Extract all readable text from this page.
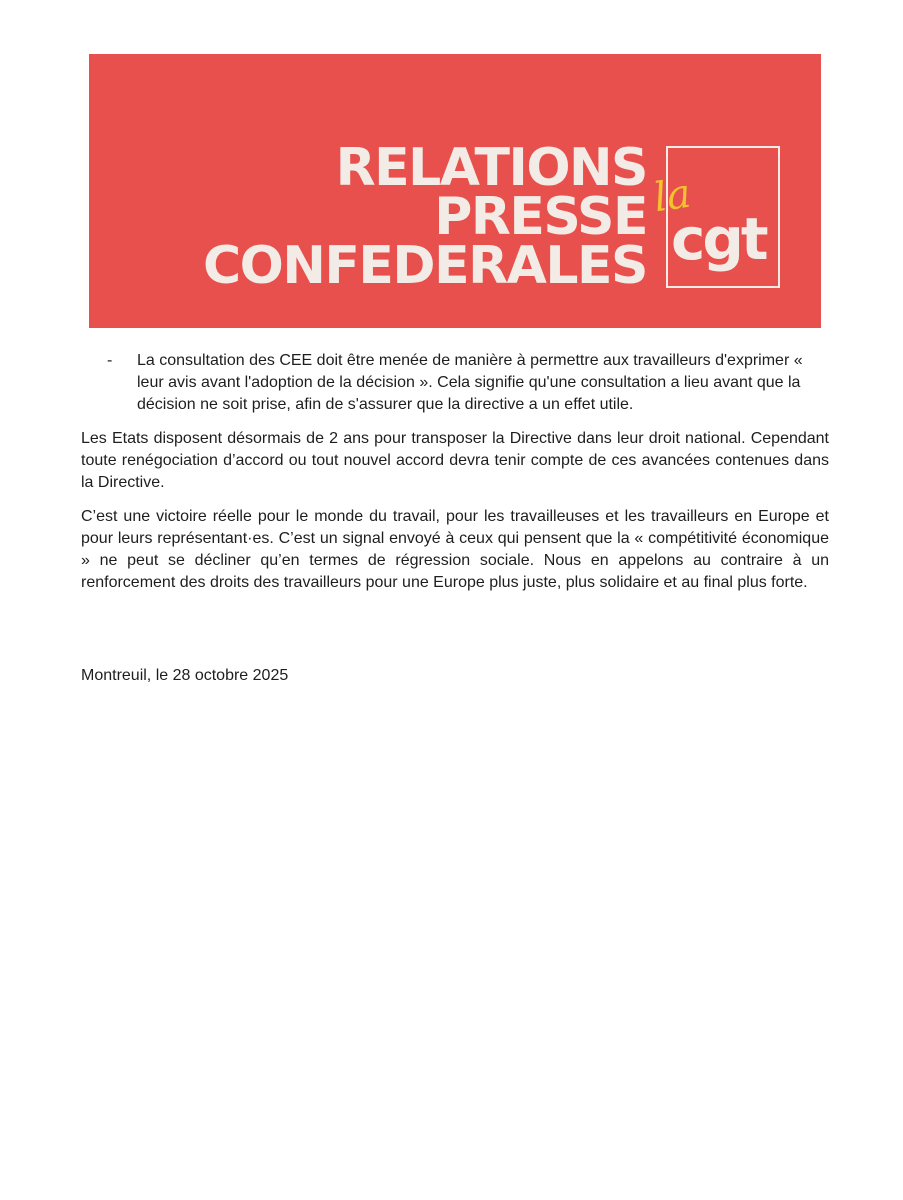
RELATIONS
PRESSE
CONFEDERALES
la
cgt
-	La consultation des CEE doit être menée de manière à permettre aux travailleurs d'exprimer « leur avis avant l'adoption de la décision ». Cela signifie qu'une consultation a lieu avant que la décision ne soit prise, afin de s'assurer que la directive a un effet utile.

Les Etats disposent désormais de 2 ans pour transposer la Directive dans leur droit national. Cependant toute renégociation d’accord ou tout nouvel accord devra tenir compte de ces avancées contenues dans la Directive.

C’est une victoire réelle pour le monde du travail, pour les travailleuses et les travailleurs en Europe et pour leurs représentant·es. C’est un signal envoyé à ceux qui pensent que la « compétitivité économique » ne peut se décliner qu’en termes de régression sociale. Nous en appelons au contraire à un renforcement des droits des travailleurs pour une Europe plus juste, plus solidaire et au final plus forte.

Montreuil, le 28 octobre 2025
